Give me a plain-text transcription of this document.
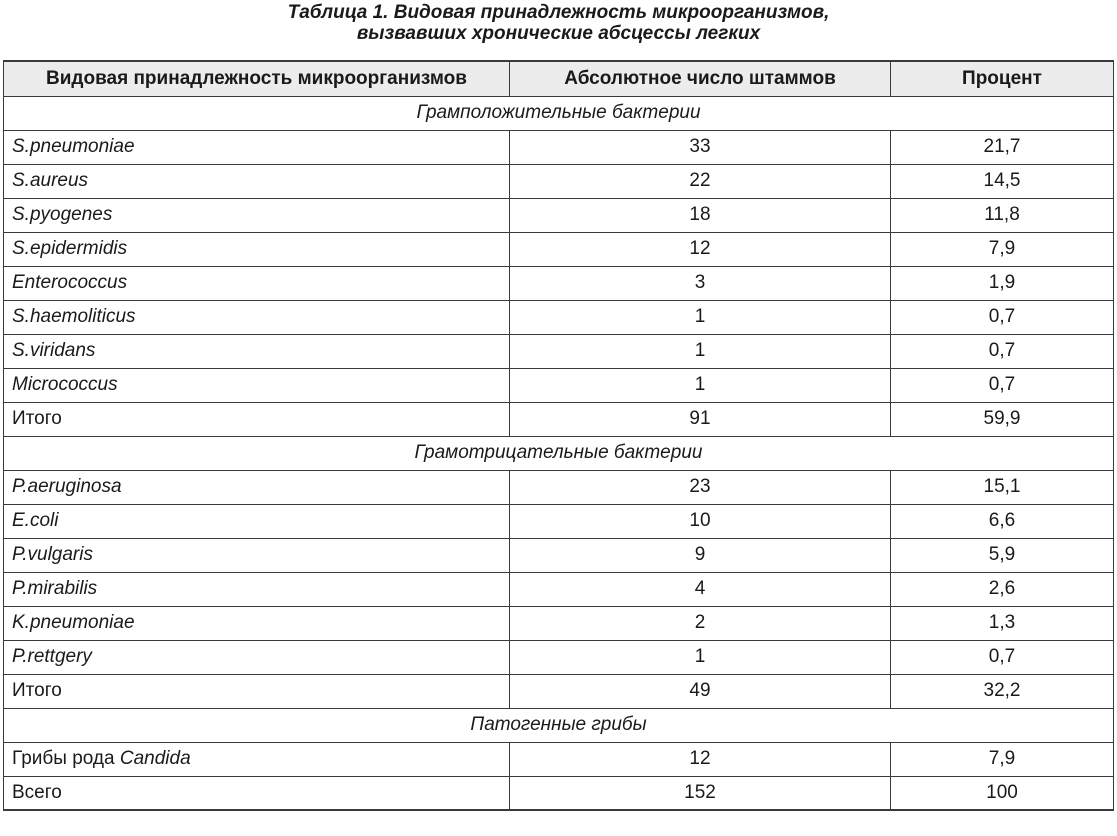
Таблица 1. Видовая принадлежность микроорганизмов,
вызвавших хронические абсцессы легких
Видовая принадлежность микроорганизмов	Абсолютное число штаммов	Процент
Грамположительные бактерии		
S.pneumoniae	33	21,7
S.aureus	22	14,5
S.pyogenes	18	11,8
S.epidermidis	12	7,9
Enterococcus	3	1,9
S.haemoliticus	1	0,7
S.viridans	1	0,7
Micrococcus	1	0,7
Итого	91	59,9
Грамотрицательные бактерии		
P.aeruginosa	23	15,1
E.coli	10	6,6
P.vulgaris	9	5,9
P.mirabilis	4	2,6
K.pneumoniae	2	1,3
P.rettgery	1	0,7
Итого	49	32,2
Патогенные грибы		
Грибы рода Candida	12	7,9
Всего	152	100
